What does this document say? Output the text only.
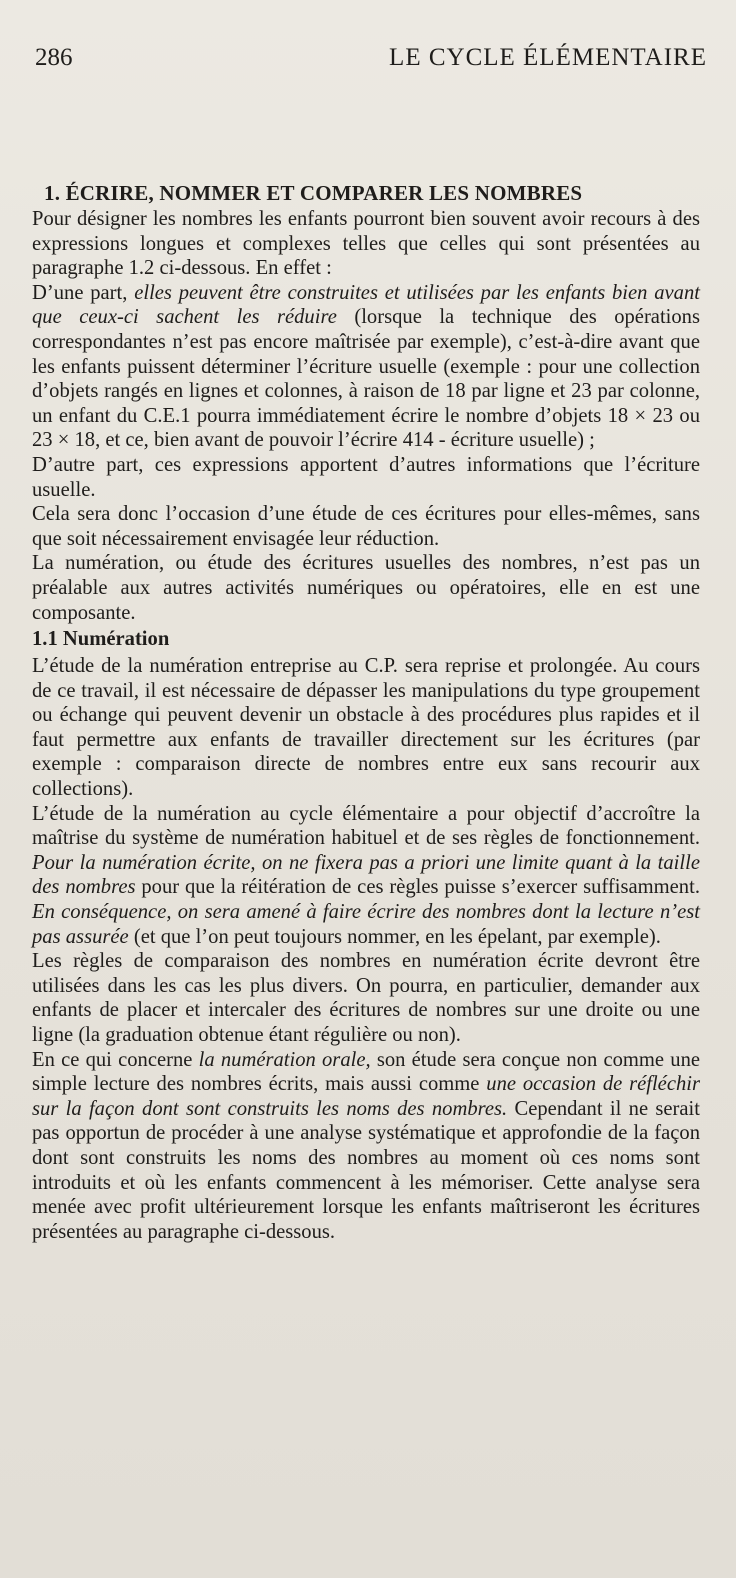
286	LE CYCLE ÉLÉMENTAIRE
1. ÉCRIRE, NOMMER ET COMPARER LES NOMBRES

Pour désigner les nombres les enfants pourront bien souvent avoir recours à des expressions longues et complexes telles que celles qui sont présentées au paragraphe 1.2 ci-dessous. En effet :

D’une part, elles peuvent être construites et utilisées par les enfants bien avant que ceux-ci sachent les réduire (lorsque la technique des opérations correspondantes n’est pas encore maîtrisée par exemple), c’est-à-dire avant que les enfants puissent déterminer l’écriture usuelle (exemple : pour une collection d’objets rangés en lignes et colonnes, à raison de 18 par ligne et 23 par colonne, un enfant du C.E.1 pourra immédiatement écrire le nombre d’objets 18 × 23 ou 23 × 18, et ce, bien avant de pouvoir l’écrire 414 - écriture usuelle) ;

D’autre part, ces expressions apportent d’autres informations que l’écriture usuelle.

Cela sera donc l’occasion d’une étude de ces écritures pour elles-mêmes, sans que soit nécessairement envisagée leur réduction.

La numération, ou étude des écritures usuelles des nombres, n’est pas un préalable aux autres activités numériques ou opératoires, elle en est une composante.

1.1 Numération

L’étude de la numération entreprise au C.P. sera reprise et prolongée. Au cours de ce travail, il est nécessaire de dépasser les manipulations du type groupement ou échange qui peuvent devenir un obstacle à des procédures plus rapides et il faut permettre aux enfants de travailler directement sur les écritures (par exemple : comparaison directe de nombres entre eux sans recourir aux collections).

L’étude de la numération au cycle élémentaire a pour objectif d’accroître la maîtrise du système de numération habituel et de ses règles de fonctionnement. Pour la numération écrite, on ne fixera pas a priori une limite quant à la taille des nombres pour que la réitération de ces règles puisse s’exercer suffisamment. En conséquence, on sera amené à faire écrire des nombres dont la lecture n’est pas assurée (et que l’on peut toujours nommer, en les épelant, par exemple).

Les règles de comparaison des nombres en numération écrite devront être utilisées dans les cas les plus divers. On pourra, en particulier, demander aux enfants de placer et intercaler des écritures de nombres sur une droite ou une ligne (la graduation obtenue étant régulière ou non).

En ce qui concerne la numération orale, son étude sera conçue non comme une simple lecture des nombres écrits, mais aussi comme une occasion de réfléchir sur la façon dont sont construits les noms des nombres. Cependant il ne serait pas opportun de procéder à une analyse systématique et approfondie de la façon dont sont construits les noms des nombres au moment où ces noms sont introduits et où les enfants commencent à les mémoriser. Cette analyse sera menée avec profit ultérieurement lorsque les enfants maîtriseront les écritures présentées au paragraphe ci-dessous.
